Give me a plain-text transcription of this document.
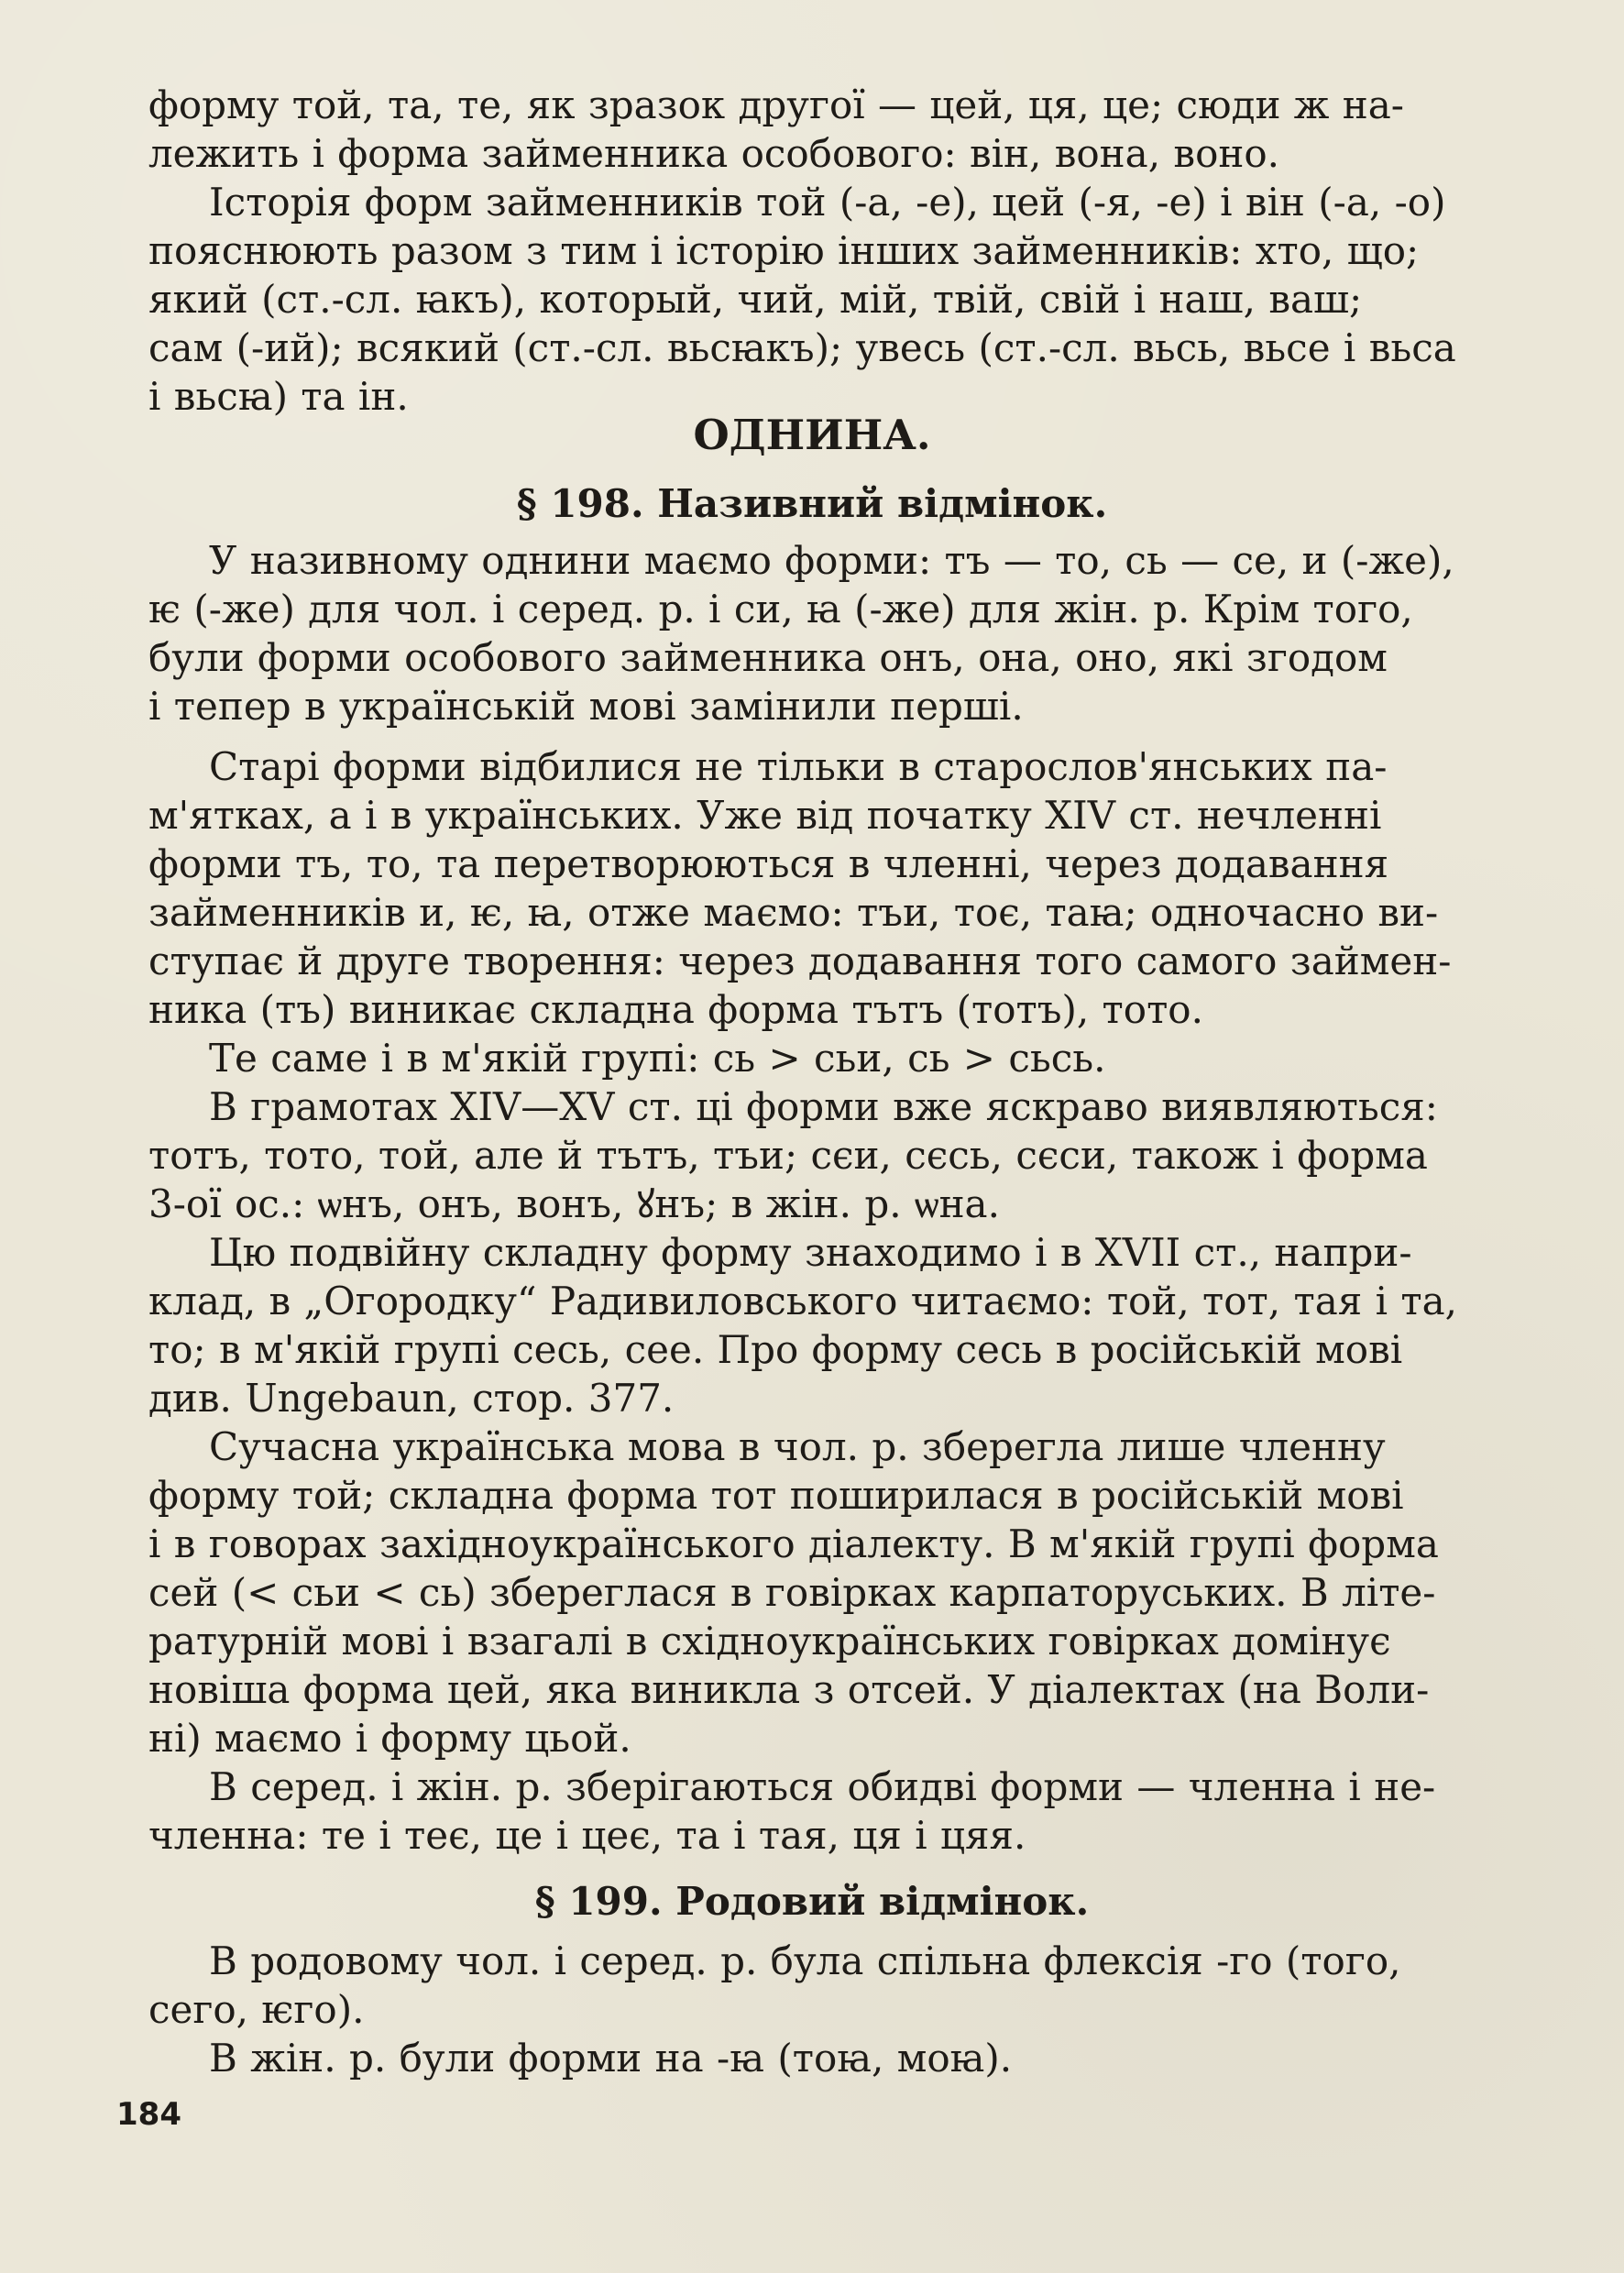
форму той, та, те, як зразок другої — цей, ця, це; сюди ж на-
лежить і форма займенника особового: він, вона, воно.

Історія форм займенників той (-а, -е), цей (-я, -е) і він (-а, -о)
пояснюють разом з тим і історію інших займенників: хто, що;
який (ст.-сл. ꙗкъ), который, чий, мій, твій, свій і наш, ваш;
сам (-ий); всякий (ст.-сл. вьсꙗкъ); увесь (ст.-сл. вьсь, вьсе і вьса
і вьсꙗ) та ін.

ОДНИНА.
§ 198. Називний відмінок.

У називному однини маємо форми: тъ — то, сь — се, и (-же),
ѥ (-же) для чол. і серед. р. і си, ꙗ (-же) для жін. р. Крім того,
були форми особового займенника онъ, она, оно, які згодом
і тепер в українській мові замінили перші.

Старі форми відбилися не тільки в старослов'янських па-
м'ятках, а і в українських. Уже від початку XIV ст. нечленні
форми тъ, то, та перетворюються в членні, через додавання
займенників и, ѥ, ꙗ, отже маємо: тъи, тоє, таꙗ; одночасно ви-
ступає й друге творення: через додавання того самого займен-
ника (тъ) виникає складна форма тътъ (тотъ), тото.

Те саме і в м'якій групі: сь > сьи, сь > сьсь.

В грамотах XIV—XV ст. ці форми вже яскраво виявляються:
тотъ, тото, той, але й тътъ, тъи; сєи, сєсь, сєси, також і форма
3-ої ос.: ѡнъ, онъ, вонъ, ꙋнъ; в жін. р. ѡна.

Цю подвійну складну форму знаходимо і в XVII ст., напри-
клад, в „Огородку“ Радивиловського читаємо: той, тот, тая і та,
то; в м'якій групі сесь, сее. Про форму сесь в російській мові
див. Ungebaun, стор. 377.

Сучасна українська мова в чол. р. зберегла лише членну
форму той; складна форма тот поширилася в російській мові
і в говорах західноукраїнського діалекту. В м'якій групі форма
сей (< сьи < сь) збереглася в говірках карпаторуських. В літе-
ратурній мові і взагалі в східноукраїнських говірках домінує
новіша форма цей, яка виникла з отсей. У діалектах (на Воли-
ні) маємо і форму цьой.

В серед. і жін. р. зберігаються обидві форми — членна і не-
членна: те і теє, це і цеє, та і тая, ця і цяя.

§ 199. Родовий відмінок.

В родовому чол. і серед. р. була спільна флексія -го (того,
сего, ѥго).

В жін. р. були форми на -ꙗ (тоꙗ, моꙗ).

184
